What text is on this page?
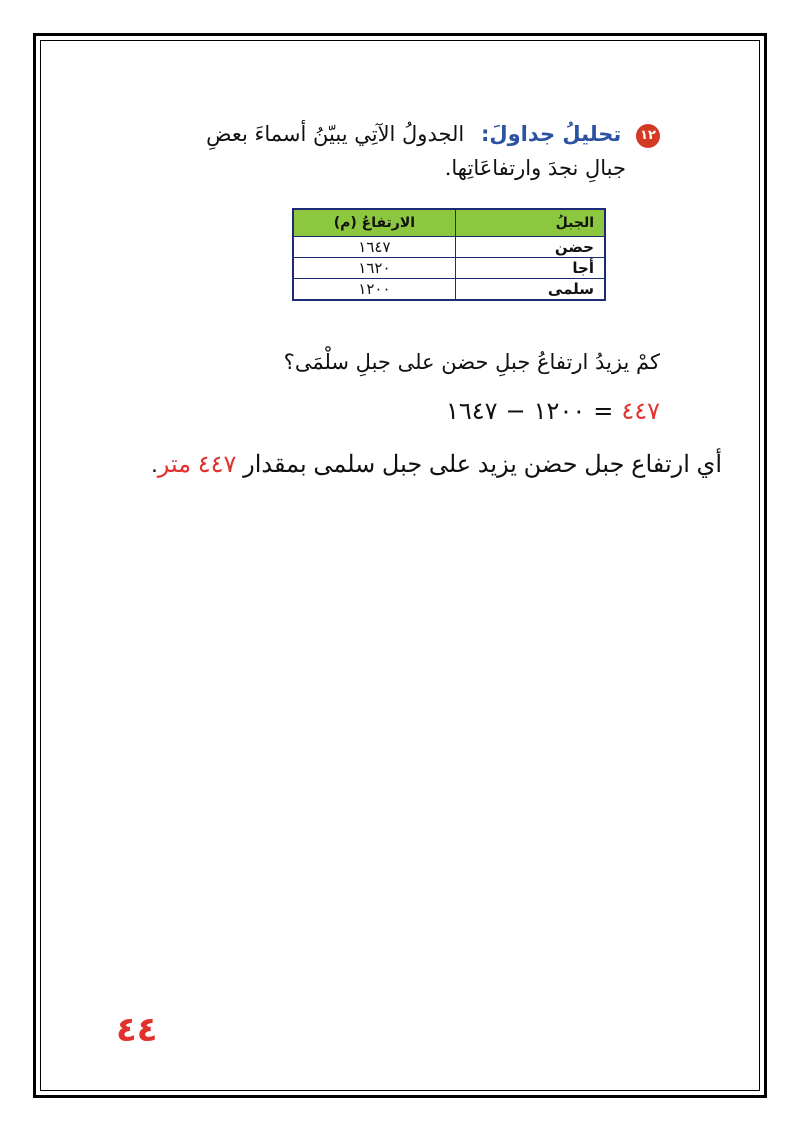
١٢ تحليلُ جداولَ: الجدولُ الآتِي يبيّنُ أسماءَ بعضِ
جبالِ نجدَ وارتفاعَاتِها.
الجبلُ	الارتفاعُ (م)
حضن	١٦٤٧
أجا	١٦٢٠
سلمى	١٢٠٠
كمْ يزيدُ ارتفاعُ جبلِ حضن على جبلِ سلْمَى؟
٤٤٧=١٢٠٠−١٦٤٧
أي ارتفاع جبل حضن يزيد على جبل سلمى بمقدار ٤٤٧ متر.
٤٤
